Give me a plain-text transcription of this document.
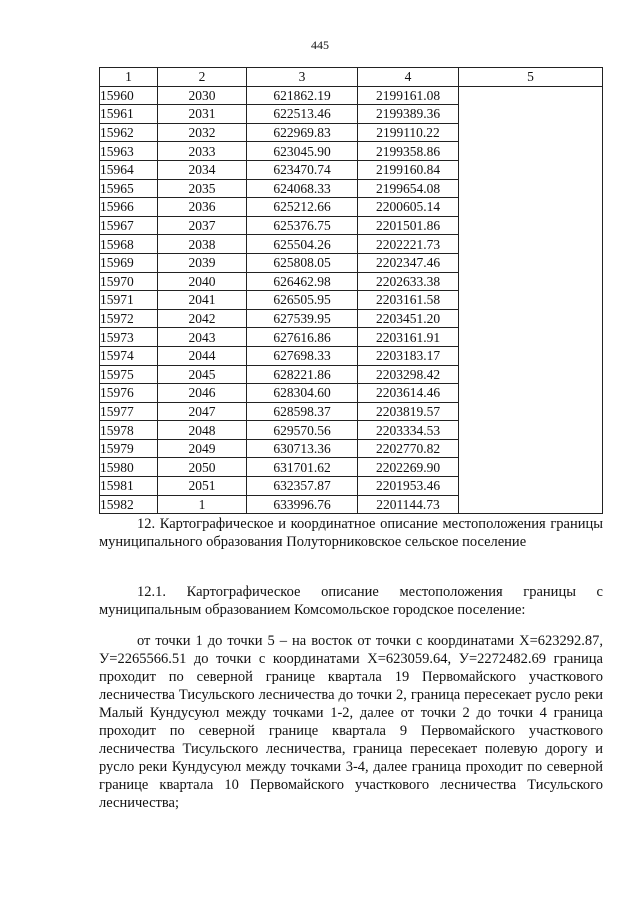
445
1	2	3	4	5
15960	2030	621862.19	2199161.08	
15961	2031	622513.46	2199389.36	
15962	2032	622969.83	2199110.22	
15963	2033	623045.90	2199358.86	
15964	2034	623470.74	2199160.84	
15965	2035	624068.33	2199654.08	
15966	2036	625212.66	2200605.14	
15967	2037	625376.75	2201501.86	
15968	2038	625504.26	2202221.73	
15969	2039	625808.05	2202347.46	
15970	2040	626462.98	2202633.38	
15971	2041	626505.95	2203161.58	
15972	2042	627539.95	2203451.20	
15973	2043	627616.86	2203161.91	
15974	2044	627698.33	2203183.17	
15975	2045	628221.86	2203298.42	
15976	2046	628304.60	2203614.46	
15977	2047	628598.37	2203819.57	
15978	2048	629570.56	2203334.53	
15979	2049	630713.36	2202770.82	
15980	2050	631701.62	2202269.90	
15981	2051	632357.87	2201953.46	
15982	1	633996.76	2201144.73	

12. Картографическое и координатное описание местоположения границы муниципального образования Полуторниковское сельское поселение

12.1. Картографическое описание местоположения границы с муниципальным образованием Комсомольское городское поселение:

от точки 1 до точки 5 – на восток от точки с координатами X=623292.87, У=2265566.51 до точки с координатами X=623059.64, У=2272482.69 граница проходит по северной границе квартала 19 Первомайского участкового лесничества Тисульского лесничества до точки 2, граница пересекает русло реки Малый Кундусуюл между точками 1-2, далее от точки 2 до точки 4 граница проходит по северной границе квартала 9 Первомайского участкового лесничества Тисульского лесничества, граница пересекает полевую дорогу и русло реки Кундусуюл между точками 3-4, далее граница проходит по северной границе квартала 10 Первомайского участкового лесничества Тисульского лесничества;
